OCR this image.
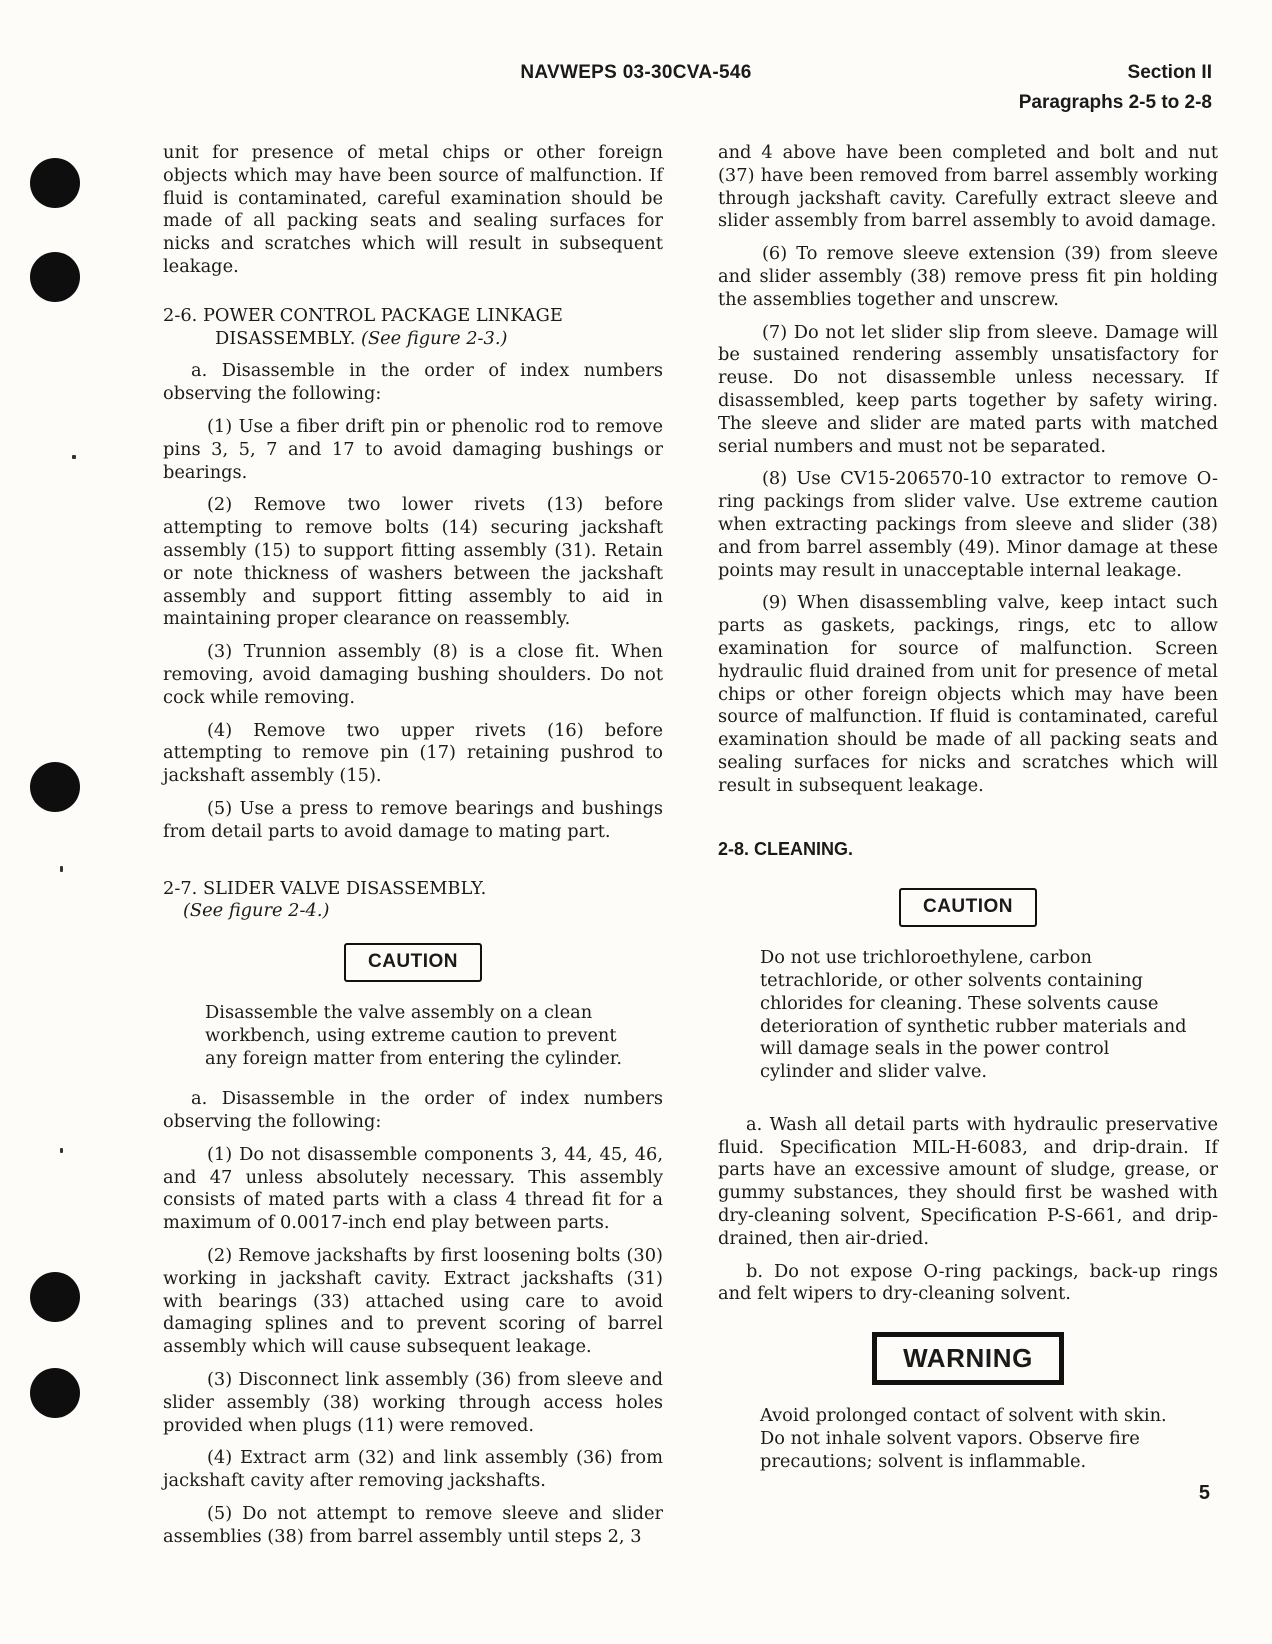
NAVWEPS 03-30CVA-546	Section II
Paragraphs 2-5 to 2-8

unit for presence of metal chips or other foreign objects which may have been source of malfunction. If fluid is contaminated, careful examination should be made of all packing seats and sealing surfaces for nicks and scratches which will result in subsequent leakage.

2-6. POWER CONTROL PACKAGE LINKAGE
DISASSEMBLY. (See figure 2-3.)

a. Disassemble in the order of index numbers observing the following:

(1) Use a fiber drift pin or phenolic rod to remove pins 3, 5, 7 and 17 to avoid damaging bushings or bearings.

(2) Remove two lower rivets (13) before attempting to remove bolts (14) securing jackshaft assembly (15) to support fitting assembly (31). Retain or note thickness of washers between the jackshaft assembly and support fitting assembly to aid in maintaining proper clearance on reassembly.

(3) Trunnion assembly (8) is a close fit. When removing, avoid damaging bushing shoulders. Do not cock while removing.

(4) Remove two upper rivets (16) before attempting to remove pin (17) retaining pushrod to jackshaft assembly (15).

(5) Use a press to remove bearings and bushings from detail parts to avoid damage to mating part.

2-7. SLIDER VALVE DISASSEMBLY.
(See figure 2-4.)
CAUTION

Disassemble the valve assembly on a clean workbench, using extreme caution to prevent any foreign matter from entering the cylinder.

a. Disassemble in the order of index numbers observing the following:

(1) Do not disassemble components 3, 44, 45, 46, and 47 unless absolutely necessary. This assembly consists of mated parts with a class 4 thread fit for a maximum of 0.0017-inch end play between parts.

(2) Remove jackshafts by first loosening bolts (30) working in jackshaft cavity. Extract jackshafts (31) with bearings (33) attached using care to avoid damaging splines and to prevent scoring of barrel assembly which will cause subsequent leakage.

(3) Disconnect link assembly (36) from sleeve and slider assembly (38) working through access holes provided when plugs (11) were removed.

(4) Extract arm (32) and link assembly (36) from jackshaft cavity after removing jackshafts.

(5) Do not attempt to remove sleeve and slider assemblies (38) from barrel assembly until steps 2, 3

and 4 above have been completed and bolt and nut (37) have been removed from barrel assembly working through jackshaft cavity. Carefully extract sleeve and slider assembly from barrel assembly to avoid damage.

(6) To remove sleeve extension (39) from sleeve and slider assembly (38) remove press fit pin holding the assemblies together and unscrew.

(7) Do not let slider slip from sleeve. Damage will be sustained rendering assembly unsatisfactory for reuse. Do not disassemble unless necessary. If disassembled, keep parts together by safety wiring. The sleeve and slider are mated parts with matched serial numbers and must not be separated.

(8) Use CV15-206570-10 extractor to remove O-ring packings from slider valve. Use extreme caution when extracting packings from sleeve and slider (38) and from barrel assembly (49). Minor damage at these points may result in unacceptable internal leakage.

(9) When disassembling valve, keep intact such parts as gaskets, packings, rings, etc to allow examination for source of malfunction. Screen hydraulic fluid drained from unit for presence of metal chips or other foreign objects which may have been source of malfunction. If fluid is contaminated, careful examination should be made of all packing seats and sealing surfaces for nicks and scratches which will result in subsequent leakage.

2-8. CLEANING.
CAUTION

Do not use trichloroethylene, carbon tetrachloride, or other solvents containing chlorides for cleaning. These solvents cause deterioration of synthetic rubber materials and will damage seals in the power control cylinder and slider valve.

a. Wash all detail parts with hydraulic preservative fluid. Specification MIL-H-6083, and drip-drain. If parts have an excessive amount of sludge, grease, or gummy substances, they should first be washed with dry-cleaning solvent, Specification P-S-661, and drip-drained, then air-dried.

b. Do not expose O-ring packings, back-up rings and felt wipers to dry-cleaning solvent.

WARNING

Avoid prolonged contact of solvent with skin. Do not inhale solvent vapors. Observe fire precautions; solvent is inflammable.

5
